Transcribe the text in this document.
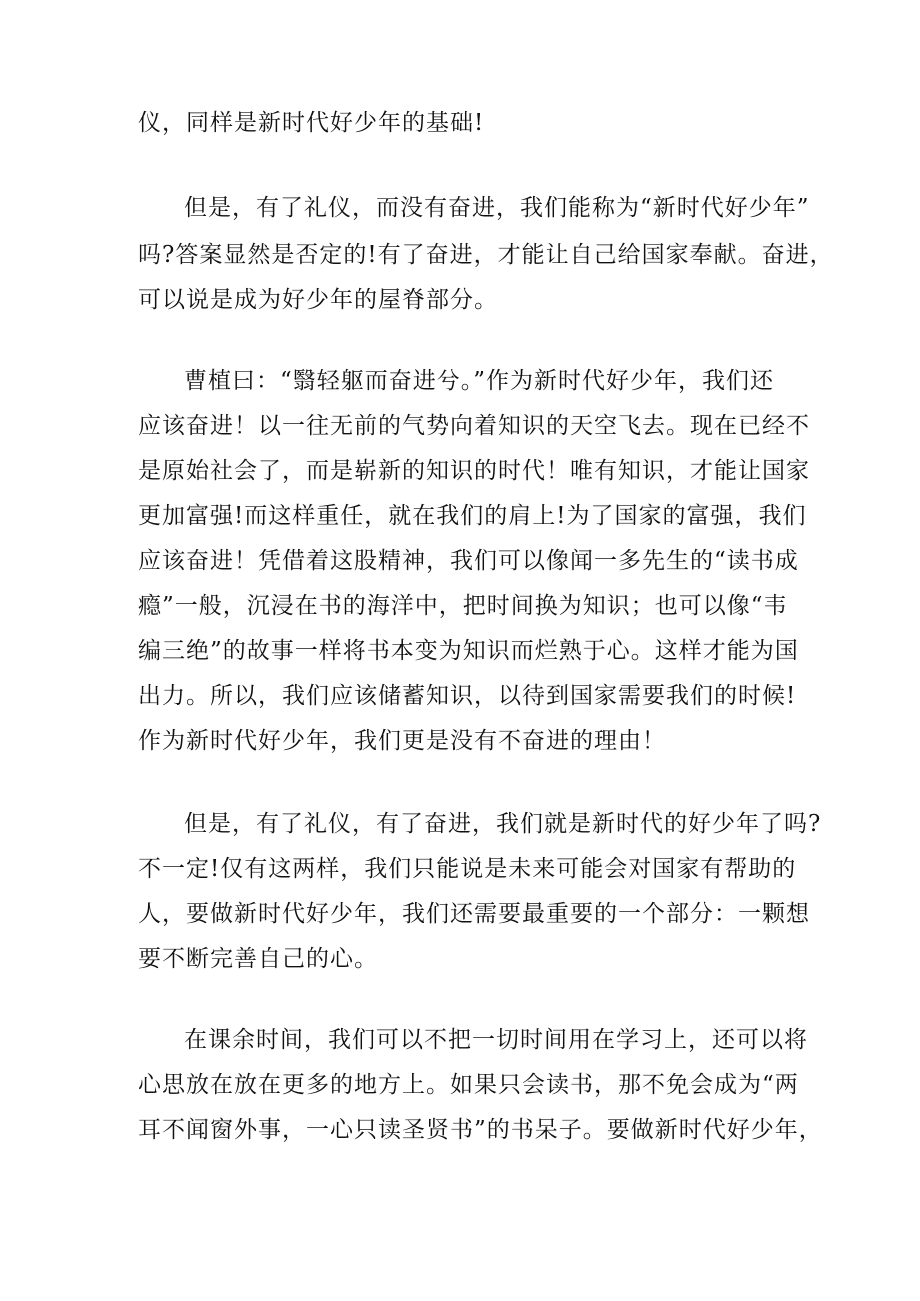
仪，同样是新时代好少年的基础!
但是，有了礼仪，而没有奋进，我们能称为“新时代好少年”
吗?答案显然是否定的!有了奋进，才能让自己给国家奉献。奋进，
可以说是成为好少年的屋脊部分。
曹植曰：“翳轻躯而奋进兮。”作为新时代好少年，我们还
应该奋进！以一往无前的气势向着知识的天空飞去。现在已经不
是原始社会了，而是崭新的知识的时代！唯有知识，才能让国家
更加富强!而这样重任，就在我们的肩上!为了国家的富强，我们
应该奋进！凭借着这股精神，我们可以像闻一多先生的“读书成
瘾”一般，沉浸在书的海洋中，把时间换为知识；也可以像“韦
编三绝”的故事一样将书本变为知识而烂熟于心。这样才能为国
出力。所以，我们应该储蓄知识，以待到国家需要我们的时候!
作为新时代好少年，我们更是没有不奋进的理由！
但是，有了礼仪，有了奋进，我们就是新时代的好少年了吗?
不一定!仅有这两样，我们只能说是未来可能会对国家有帮助的
人，要做新时代好少年，我们还需要最重要的一个部分：一颗想
要不断完善自己的心。
在课余时间，我们可以不把一切时间用在学习上，还可以将
心思放在放在更多的地方上。如果只会读书，那不免会成为“两
耳不闻窗外事，一心只读圣贤书”的书呆子。要做新时代好少年，
